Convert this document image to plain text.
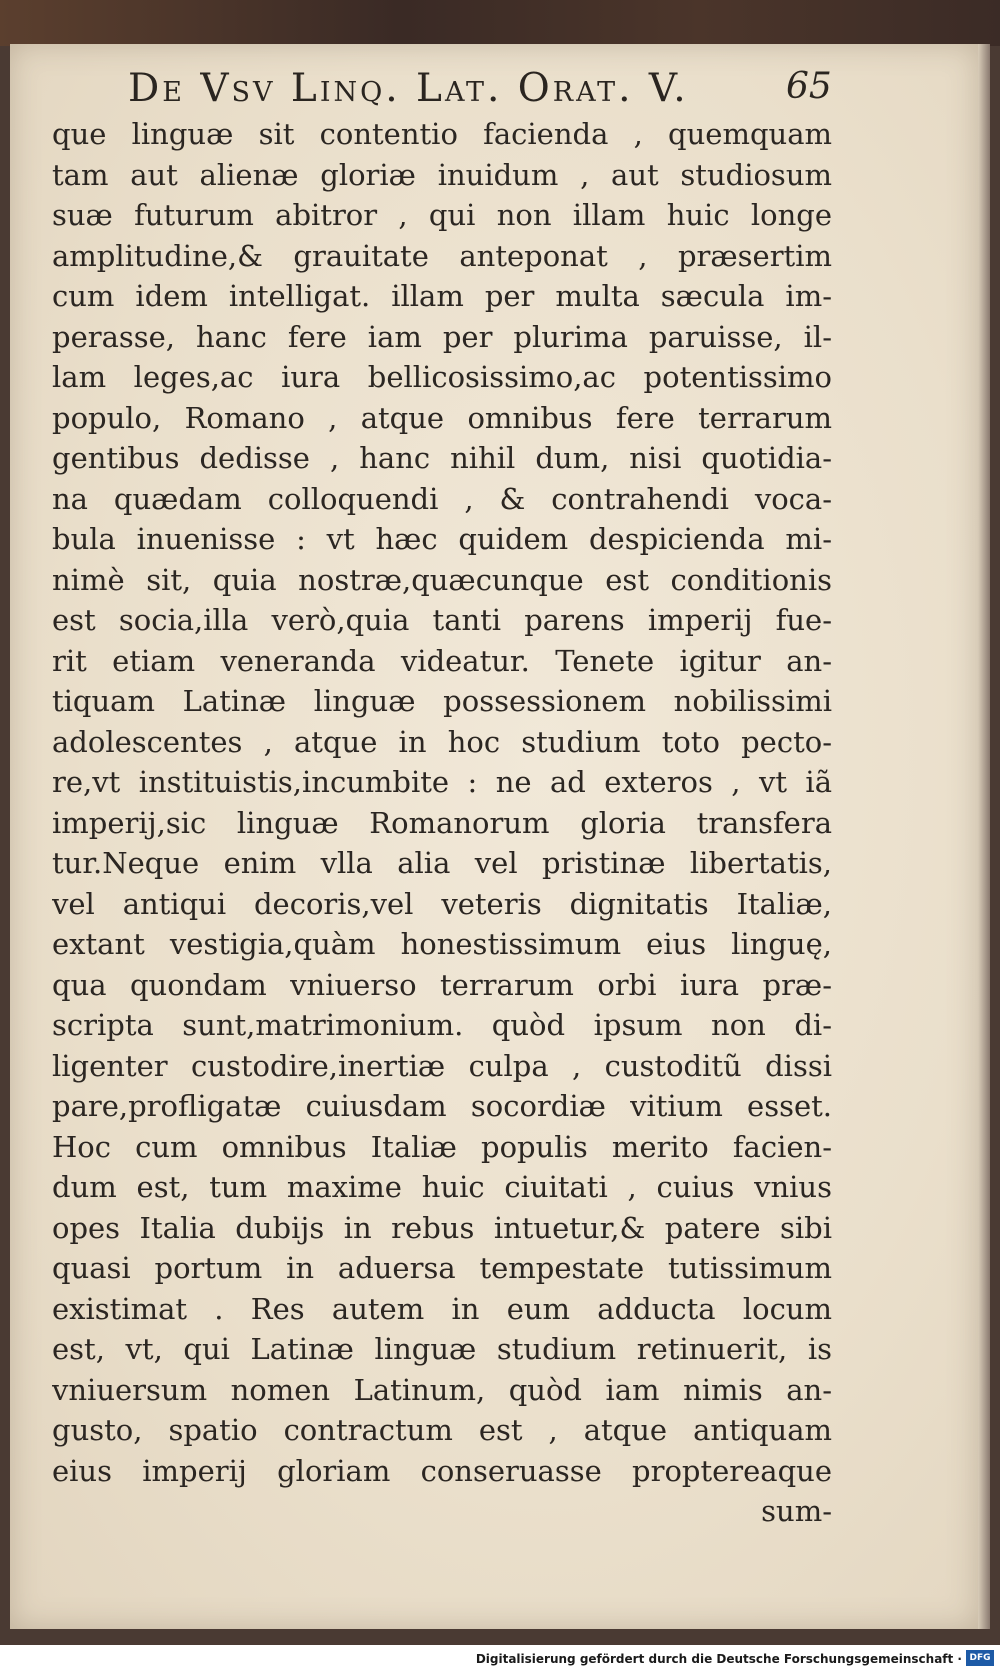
De Vsv Linq. Lat. Orat. V.	65
que linguæ sit contentio facienda , quemquam
tam aut alienæ gloriæ inuidum , aut studiosum
suæ futurum abitror , qui non illam huic longe
amplitudine,& grauitate anteponat , præsertim
cum idem intelligat. illam per multa sæcula im-
perasse, hanc fere iam per plurima paruisse, il-
lam leges,ac iura bellicosissimo,ac potentissimo
populo, Romano , atque omnibus fere terrarum
gentibus dedisse , hanc nihil dum, nisi quotidia-
na quædam colloquendi , & contrahendi voca-
bula inuenisse : vt hæc quidem despicienda mi-
nimè sit, quia nostræ,quæcunque est conditionis
est socia,illa verò,quia tanti parens imperij fue-
rit etiam veneranda videatur. Tenete igitur an-
tiquam Latinæ linguæ possessionem nobilissimi
adolescentes , atque in hoc studium toto pecto-
re,vt instituistis,incumbite : ne ad exteros , vt iã
imperij,sic linguæ Romanorum gloria transfera
tur.Neque enim vlla alia vel pristinæ libertatis,
vel antiqui decoris,vel veteris dignitatis Italiæ,
extant vestigia,quàm honestissimum eius linguę,
qua quondam vniuerso terrarum orbi iura præ-
scripta sunt,matrimonium. quòd ipsum non di-
ligenter custodire,inertiæ culpa , custoditũ dissi
pare,profligatæ cuiusdam socordiæ vitium esset.
Hoc cum omnibus Italiæ populis merito facien-
dum est, tum maxime huic ciuitati , cuius vnius
opes Italia dubijs in rebus intuetur,& patere sibi
quasi portum in aduersa tempestate tutissimum
existimat . Res autem in eum adducta locum
est, vt, qui Latinæ linguæ studium retinuerit, is
vniuersum nomen Latinum, quòd iam nimis an-
gusto, spatio contractum est , atque antiquam
eius imperij gloriam conseruasse proptereaque
sum-
Digitalisierung gefördert durch die Deutsche Forschungsgemeinschaft · DFG
